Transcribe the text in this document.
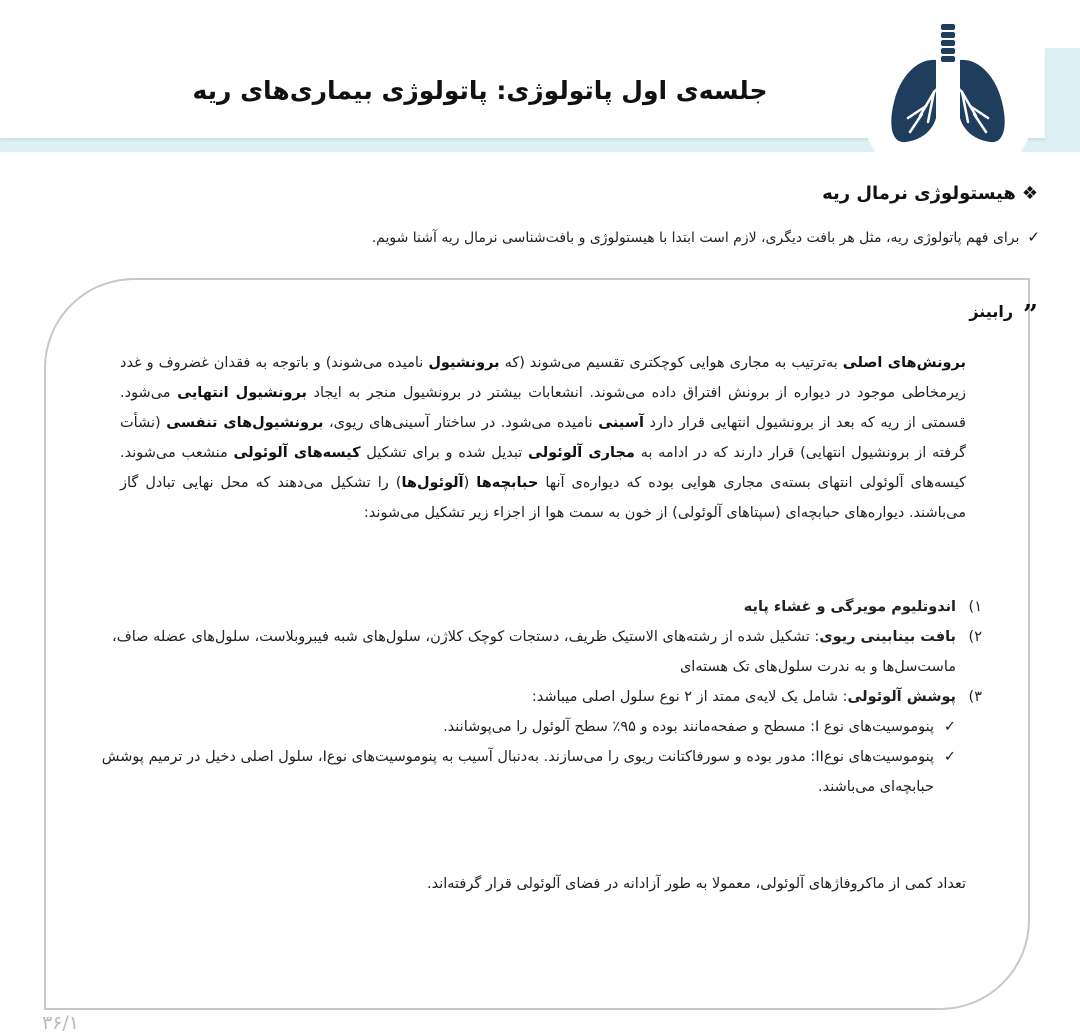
جلسه‌ی اول پاتولوژی: پاتولوژی بیماری‌های ریه
❖هیستولوژی نرمال ریه
✓برای فهم پاتولوژی ریه، مثل هر بافت دیگری، لازم است ابتدا با هیستولوژی و بافت‌شناسی نرمال ریه آشنا شویم.
”رابینز
برونش‌های اصلی به‌ترتیب به مجاری هوایی کوچکتری تقسیم می‌شوند (که برونشیول نامیده می‌شوند) و باتوجه به فقدان غضروف و غدد زیرمخاطی موجود در دیواره از برونش افتراق داده می‌شوند. انشعابات بیشتر در برونشیول منجر به ایجاد برونشیول انتهایی می‌شود. قسمتی از ریه که بعد از برونشیول انتهایی قرار دارد آسینی نامیده می‌شود. در ساختار آسینی‌های ریوی، برونشیول‌های تنفسی (نشأت گرفته از برونشیول انتهایی) قرار دارند که در ادامه به مجاری آلوئولی تبدیل شده و برای تشکیل کیسه‌های آلوئولی منشعب می‌شوند. کیسه‌های آلوئولی انتهای بسته‌ی مجاری هوایی بوده که دیواره‌ی آنها حبابچه‌ها (آلوئول‌ها) را تشکیل می‌دهند که محل نهایی تبادل گاز می‌باشند. دیواره‌های حبابچه‌ای (سپتاهای آلوئولی) از خون به سمت هوا از اجزاء زیر تشکیل می‌شوند:
۱)
اندوتلیوم مویرگی و غشاء پایه
۲)
بافت بینابینی ریوی: تشکیل شده از رشته‌های الاستیک ظریف، دستجات کوچک کلاژن، سلول‌های شبه فیبروبلاست، سلول‌های عضله صاف، ماست‌سل‌ها و به ندرت سلول‌های تک هسته‌ای
۳)
پوشش آلوئولی: شامل یک لایه‌ی ممتد از ۲ نوع سلول اصلی میباشد:
✓
پنوموسیت‌های نوع I: مسطح و صفحه‌مانند بوده و ۹۵٪ سطح آلوئول را می‌پوشانند.
✓
پنوموسیت‌های نوعII: مدور بوده و سورفاکتانت ریوی را می‌سازند. به‌دنبال آسیب به پنوموسیت‌های نوعI، سلول اصلی دخیل در ترمیم پوشش حبابچه‌ای می‌باشند.
تعداد کمی از ماکروفاژهای آلوئولی، معمولا به طور آزادانه در فضای آلوئولی قرار گرفته‌اند.
۳۶/۱
